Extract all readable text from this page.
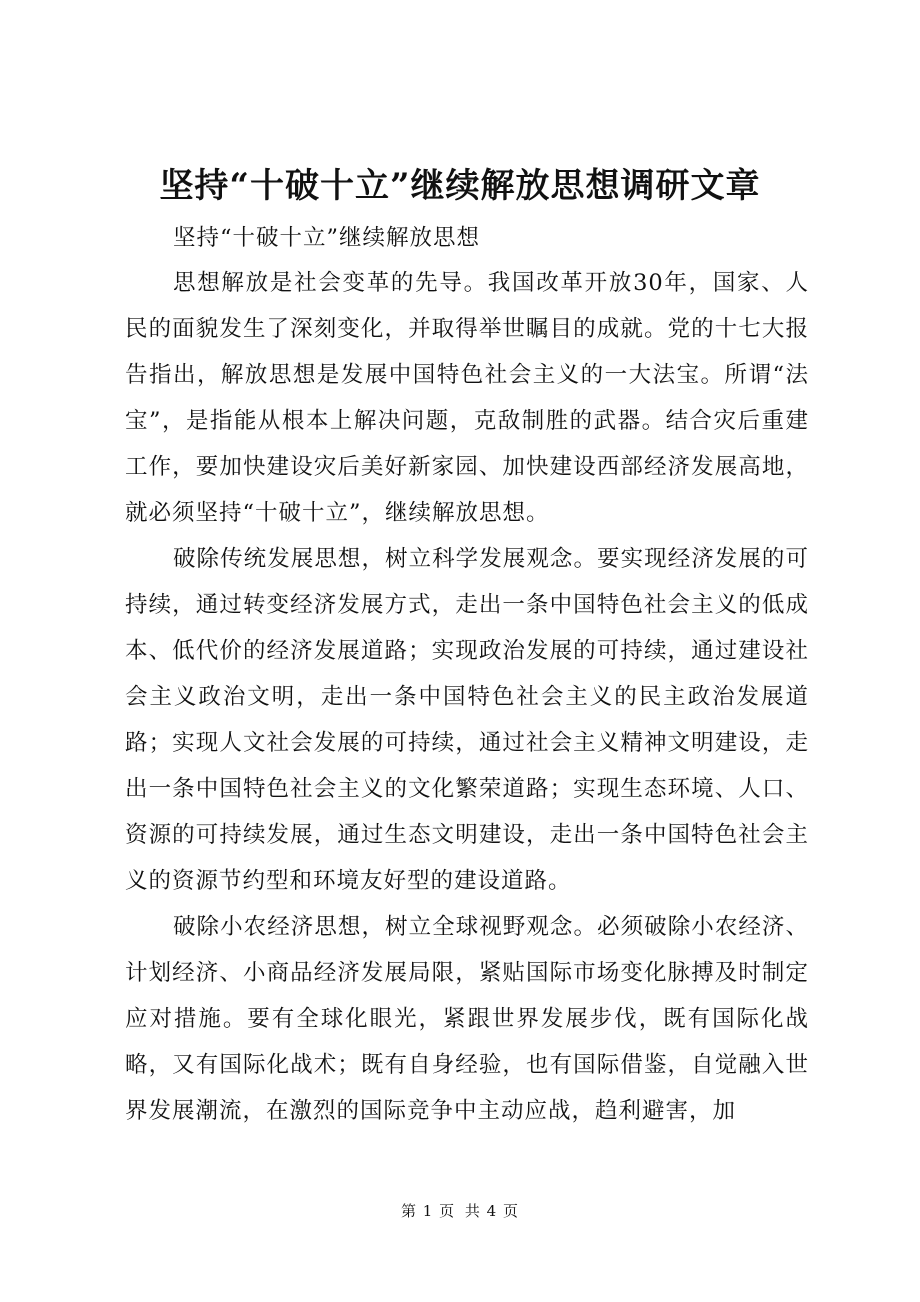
坚持“十破十立”继续解放思想调研文章

坚持“十破十立”继续解放思想

思想解放是社会变革的先导。我国改革开放30年，国家、人民的面貌发生了深刻变化，并取得举世瞩目的成就。党的十七大报告指出，解放思想是发展中国特色社会主义的一大法宝。所谓“法宝”，是指能从根本上解决问题，克敌制胜的武器。结合灾后重建工作，要加快建设灾后美好新家园、加快建设西部经济发展高地，就必须坚持“十破十立”，继续解放思想。

破除传统发展思想，树立科学发展观念。要实现经济发展的可持续，通过转变经济发展方式，走出一条中国特色社会主义的低成本、低代价的经济发展道路；实现政治发展的可持续，通过建设社会主义政治文明，走出一条中国特色社会主义的民主政治发展道路；实现人文社会发展的可持续，通过社会主义精神文明建设，走出一条中国特色社会主义的文化繁荣道路；实现生态环境、人口、资源的可持续发展，通过生态文明建设，走出一条中国特色社会主义的资源节约型和环境友好型的建设道路。

破除小农经济思想，树立全球视野观念。必须破除小农经济、计划经济、小商品经济发展局限，紧贴国际市场变化脉搏及时制定应对措施。要有全球化眼光，紧跟世界发展步伐，既有国际化战略，又有国际化战术；既有自身经验，也有国际借鉴，自觉融入世界发展潮流，在激烈的国际竞争中主动应战，趋利避害，加

第 1 页 共 4 页
